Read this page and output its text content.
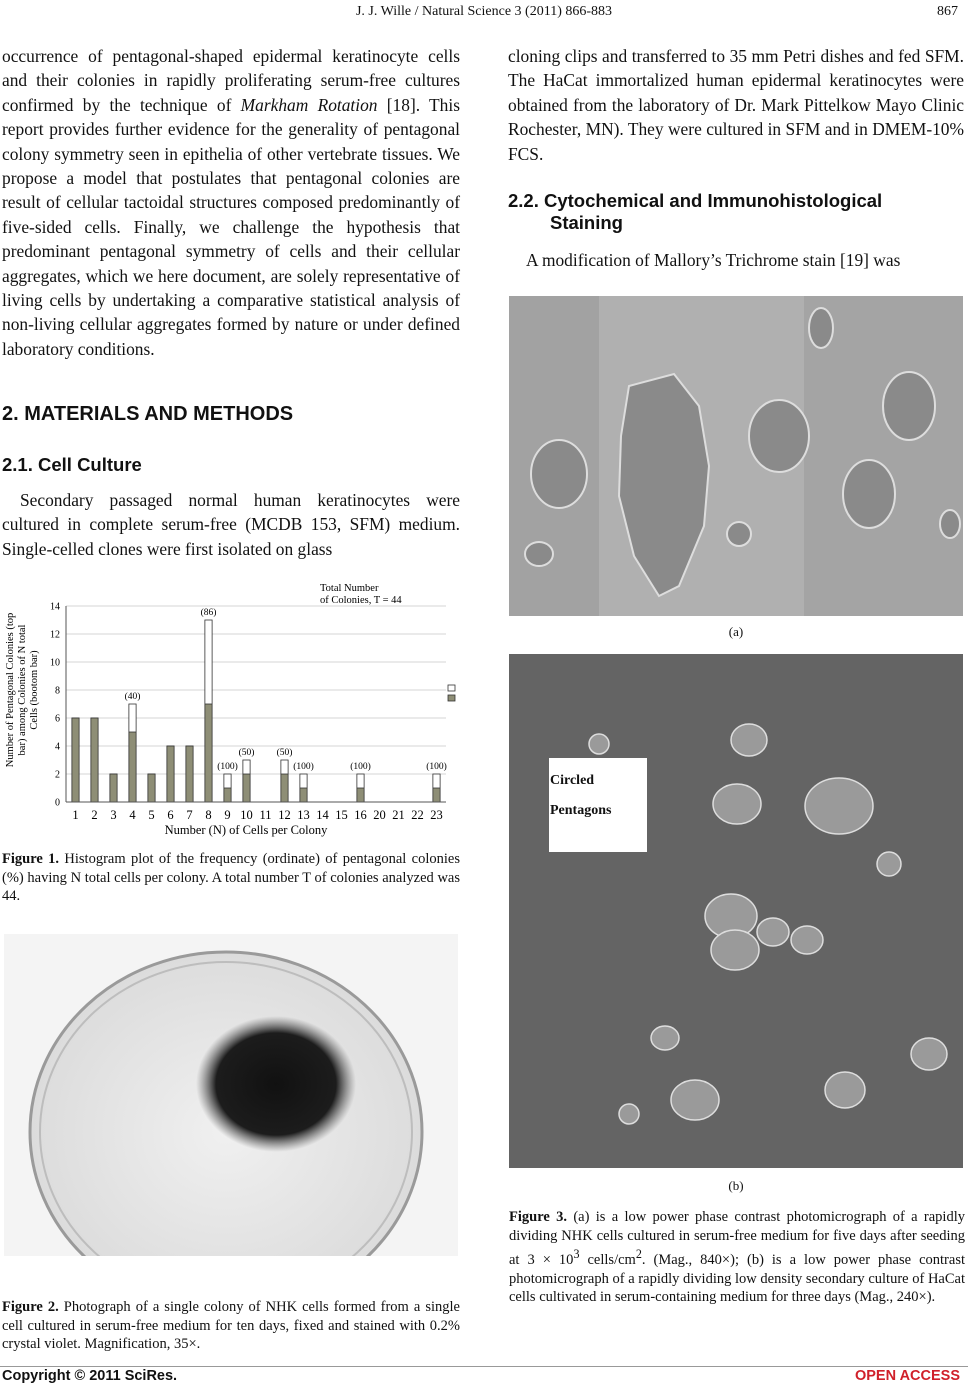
J. J. Wille / Natural Science 3 (2011) 866-883	867
occurrence of pentagonal-shaped epidermal keratinocyte cells and their colonies in rapidly proliferating serum-free cultures confirmed by the technique of Markham Rotation [18]. This report provides further evidence for the generality of pentagonal colony symmetry seen in epithelia of other vertebrate tissues. We propose a model that postulates that pentagonal colonies are result of cellular tactoidal structures composed predominantly of five-sided cells. Finally, we challenge the hypothesis that predominant pentagonal symmetry of cells and their cellular aggregates, which we here document, are solely representative of living cells by undertaking a comparative statistical analysis of non-living cellular aggregates formed by nature or under defined laboratory conditions.
2. MATERIALS AND METHODS
2.1. Cell Culture
Secondary passaged normal human keratinocytes were cultured in complete serum-free (MCDB 153, SFM) medium. Single-celled clones were first isolated on glass
0
2
4
6
8
10
12
14
1 2 3 4 5 6 7 8 9 10 11 12 13 14 15 16 20 21 22 23
(40)
(86)
(100)
(50) (50)
(100)	(100)	(100)
Total Number
of Colonies, T = 44
Number (N) of Cells per Colony
Number of Pentagonal Colonies (top bar) among Colonies of N total Cells (bootom bar)
Figure 1. Histogram plot of the frequency (ordinate) of pentagonal colonies (%) having N total cells per colony. A total number T of colonies analyzed was 44.
Figure 2. Photograph of a single colony of NHK cells formed from a single cell cultured in serum-free medium for ten days, fixed and stained with 0.2% crystal violet. Magnification, 35×.
cloning clips and transferred to 35 mm Petri dishes and fed SFM. The HaCat immortalized human epidermal keratinocytes were obtained from the laboratory of Dr. Mark Pittelkow Mayo Clinic Rochester, MN). They were cultured in SFM and in DMEM-10% FCS.
2.2. Cytochemical and Immunohistological
Staining
A modification of Mallory’s Trichrome stain [19] was
(a)
Circled
Pentagons
(b)
Figure 3. (a) is a low power phase contrast photomicrograph of a rapidly dividing NHK cells cultured in serum-free medium for five days after seeding at $3 \times 10^3$ cells/$cm^2$. (Mag., 840×); (b) is a low power phase contrast photomicrograph of a rapidly dividing low density secondary culture of HaCat cells cultivated in serum-containing medium for three days (Mag., 240×).
Copyright © 2011 SciRes.	OPEN ACCESS
